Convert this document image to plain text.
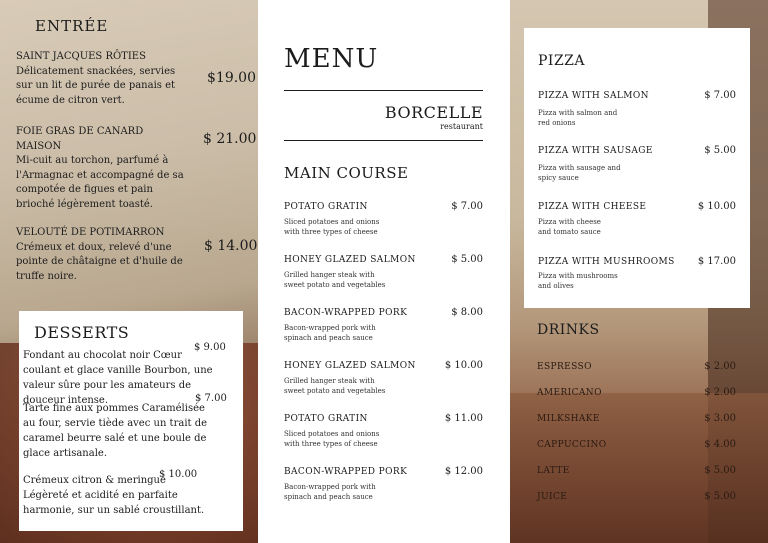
ENTRÉE
SAINT JACQUES RÔTIES
Délicatement snackées, servies sur un lit de purée de panais et écume de citron vert.
$19.00
FOIE GRAS DE CANARD MAISON
Mi-cuit au torchon, parfumé à l'Armagnac et accompagné de sa compotée de figues et pain brioché légèrement toasté.
$ 21.00
VELOUTÉ DE POTIMARRON
Crémeux et doux, relevé d'une pointe de châtaigne et d'huile de truffe noire.
$ 14.00
DESSERTS
Fondant au chocolat noir Cœur coulant et glace vanille Bourbon, une valeur sûre pour les amateurs de douceur intense.
$ 9.00
Tarte fine aux pommes Caramélisée au four, servie tiède avec un trait de caramel beurre salé et une boule de glace artisanale.
$ 7.00
Crémeux citron & meringue
Légèreté et acidité en parfaite harmonie, sur un sablé croustillant.
$ 10.00
MENU
BORCELLE
restaurant
MAIN COURSE
POTATO GRATIN	$ 7.00
Sliced potatoes and onions
with three types of cheese
HONEY GLAZED SALMON	$ 5.00
Grilled hanger steak with
sweet potato and vegetables
BACON-WRAPPED PORK	$ 8.00
Bacon-wrapped pork with
spinach and peach sauce
HONEY GLAZED SALMON	$ 10.00
Grilled hanger steak with
sweet potato and vegetables
POTATO GRATIN	$ 11.00
Sliced potatoes and onions
with three types of cheese
BACON-WRAPPED PORK	$ 12.00
Bacon-wrapped pork with
spinach and peach sauce
PIZZA
PIZZA WITH SALMON	$ 7.00
Pizza with salmon and
red onions
PIZZA WITH SAUSAGE	$ 5.00
Pizza with sausage and
spicy sauce
PIZZA WITH CHEESE	$ 10.00
Pizza with cheese
and tomato sauce
PIZZA WITH MUSHROOMS $ 17.00
Pizza with mushrooms
and olives
DRINKS
ESPRESSO	$ 2.00
AMERICANO	$ 2.00
MILKSHAKE	$ 3.00
CAPPUCCINO	$ 4.00
LATTE	$ 5.00
JUICE	$ 5.00
